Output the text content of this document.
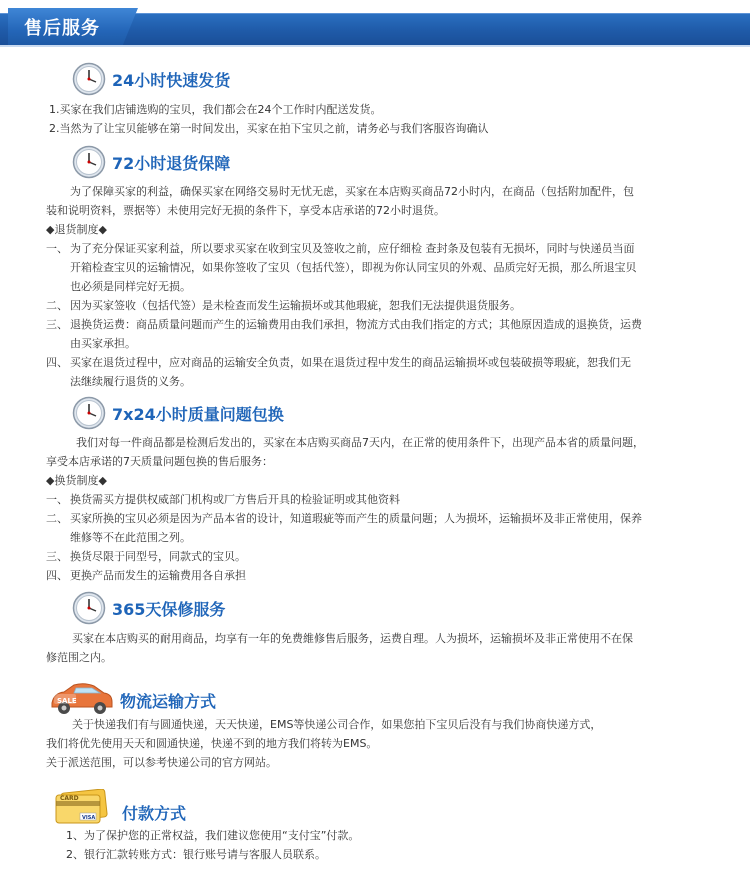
售后服务
24小时快速发货
1.买家在我们店铺选购的宝贝，我们都会在24个工作时内配送发货。
2.当然为了让宝贝能够在第一时间发出，买家在拍下宝贝之前，请务必与我们客服咨询确认
72小时退货保障
为了保障买家的利益，确保买家在网络交易时无忧无虑，买家在本店购买商品72小时内，在商品（包括附加配件，包
装和说明资料，票据等）未使用完好无损的条件下，享受本店承诺的72小时退货。
◆退货制度◆
一、 为了充分保证买家利益，所以要求买家在收到宝贝及签收之前，应仔细检 查封条及包装有无损坏，同时与快递员当面
开箱检查宝贝的运输情况，如果你签收了宝贝（包括代签），即视为你认同宝贝的外观、品质完好无损，那么所退宝贝
也必须是同样完好无损。
二、 因为买家签收（包括代签）是未检查而发生运输损坏或其他瑕疵，恕我们无法提供退货服务。
三、 退换货运费：商品质量问题而产生的运输费用由我们承担，物流方式由我们指定的方式；其他原因造成的退换货，运费
由买家承担。
四、 买家在退货过程中，应对商品的运输安全负责，如果在退货过程中发生的商品运输损坏或包装破损等瑕疵，恕我们无
法继续履行退货的义务。
7x24小时质量问题包换
我们对每一件商品都是检测后发出的，买家在本店购买商品7天内，在正常的使用条件下，出现产品本省的质量问题，
享受本店承诺的7天质量问题包换的售后服务：
◆换货制度◆
一、 换货需买方提供权威部门机构或厂方售后开具的检验证明或其他资料
二、 买家所换的宝贝必须是因为产品本省的设计，知道瑕疵等而产生的质量问题；人为损坏，运输损坏及非正常使用，保养
维修等不在此范围之列。
三、 换货尽限于同型号，同款式的宝贝。
四、 更换产品而发生的运输费用各自承担
365天保修服务
买家在本店购买的耐用商品，均享有一年的免费維修售后服务，运费自理。人为损坏，运输损坏及非正常使用不在保
修范围之内。
SALE	物流运输方式
关于快递我们有与圆通快递，天天快递，EMS等快递公司合作，如果您拍下宝贝后没有与我们协商快递方式，
我们将优先使用天天和圆通快递，快递不到的地方我们将转为EMS。
关于派送范围，可以参考快递公司的官方网站。
CARD
VISA 付款方式
1、为了保护您的正常权益，我们建议您使用“支付宝”付款。
2、银行汇款转账方式：银行账号请与客服人员联系。
